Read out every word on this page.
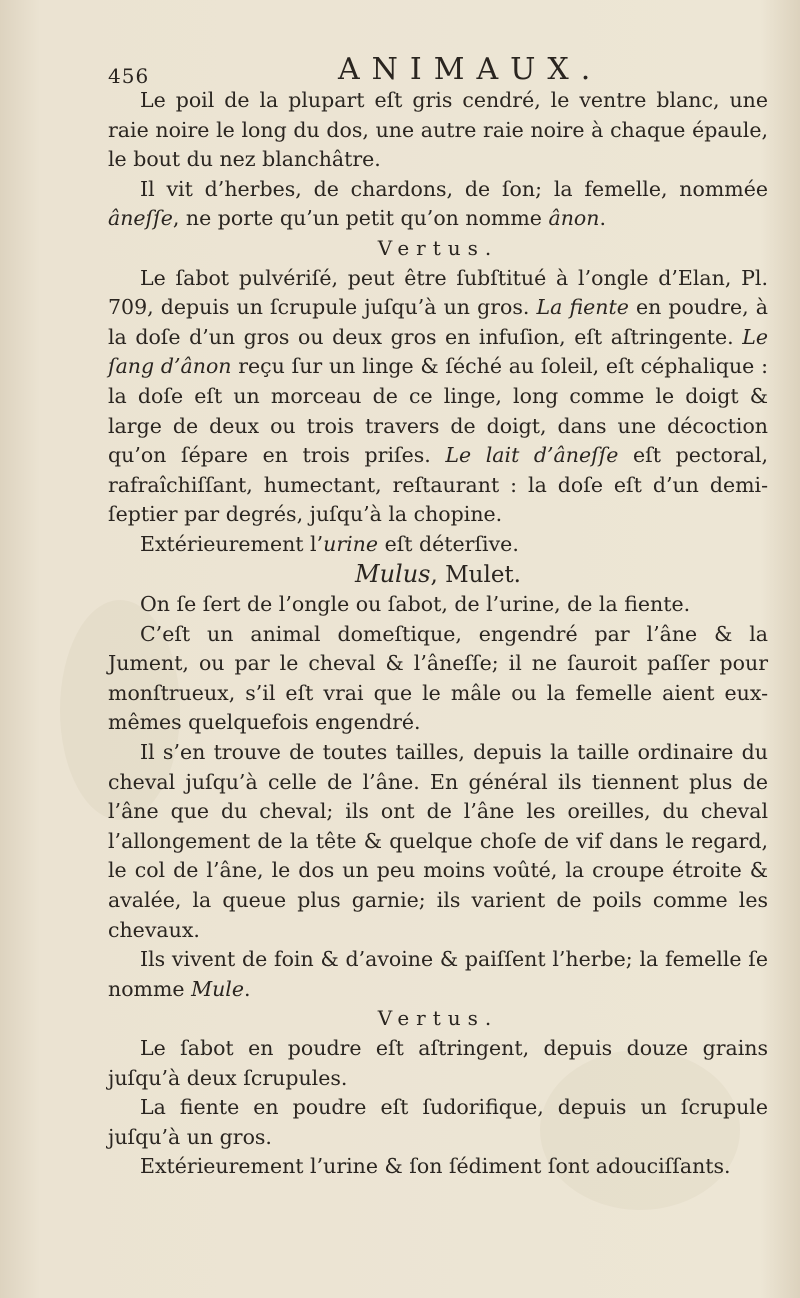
456	ANIMAUX.

Le poil de la plupart eſt gris cendré, le ventre blanc, une raie noire le long du dos, une autre raie noire à chaque épaule, le bout du nez blanchâtre.

Il vit d’herbes, de chardons, de ſon; la femelle, nommée âneſſe, ne porte qu’un petit qu’on nomme ânon.

Vertus.

Le ſabot pulvériſé, peut être ſubſtitué à l’ongle d’Elan, Pl. 709, depuis un ſcrupule juſqu’à un gros. La fiente en poudre, à la doſe d’un gros ou deux gros en infuſion, eſt aſtringente. Le ſang d’ânon reçu ſur un linge & ſéché au ſoleil, eſt céphalique : la doſe eſt un morceau de ce linge, long comme le doigt & large de deux ou trois travers de doigt, dans une décoction qu’on ſépare en trois priſes. Le lait d’âneſſe eſt pectoral, rafraîchiſſant, humectant, reſtaurant : la doſe eſt d’un demi-ſeptier par degrés, juſqu’à la chopine.

Extérieurement l’urine eſt déterſive.

Mulus, Mulet.

On ſe ſert de l’ongle ou ſabot, de l’urine, de la fiente.

C’eſt un animal domeſtique, engendré par l’âne & la Jument, ou par le cheval & l’âneſſe; il ne ſauroit paſſer pour monſtrueux, s’il eſt vrai que le mâle ou la femelle aient eux-mêmes quelquefois engendré.

Il s’en trouve de toutes tailles, depuis la taille ordinaire du cheval juſqu’à celle de l’âne. En général ils tiennent plus de l’âne que du cheval; ils ont de l’âne les oreilles, du cheval l’allongement de la tête & quelque choſe de vif dans le regard, le col de l’âne, le dos un peu moins voûté, la croupe étroite & avalée, la queue plus garnie; ils varient de poils comme les chevaux.

Ils vivent de foin & d’avoine & paiſſent l’herbe; la femelle ſe nomme Mule.

Vertus.

Le ſabot en poudre eſt aſtringent, depuis douze grains juſqu’à deux ſcrupules.

La fiente en poudre eſt ſudorifique, depuis un ſcrupule juſqu’à un gros.

Extérieurement l’urine & ſon ſédiment ſont adouciſſants.
